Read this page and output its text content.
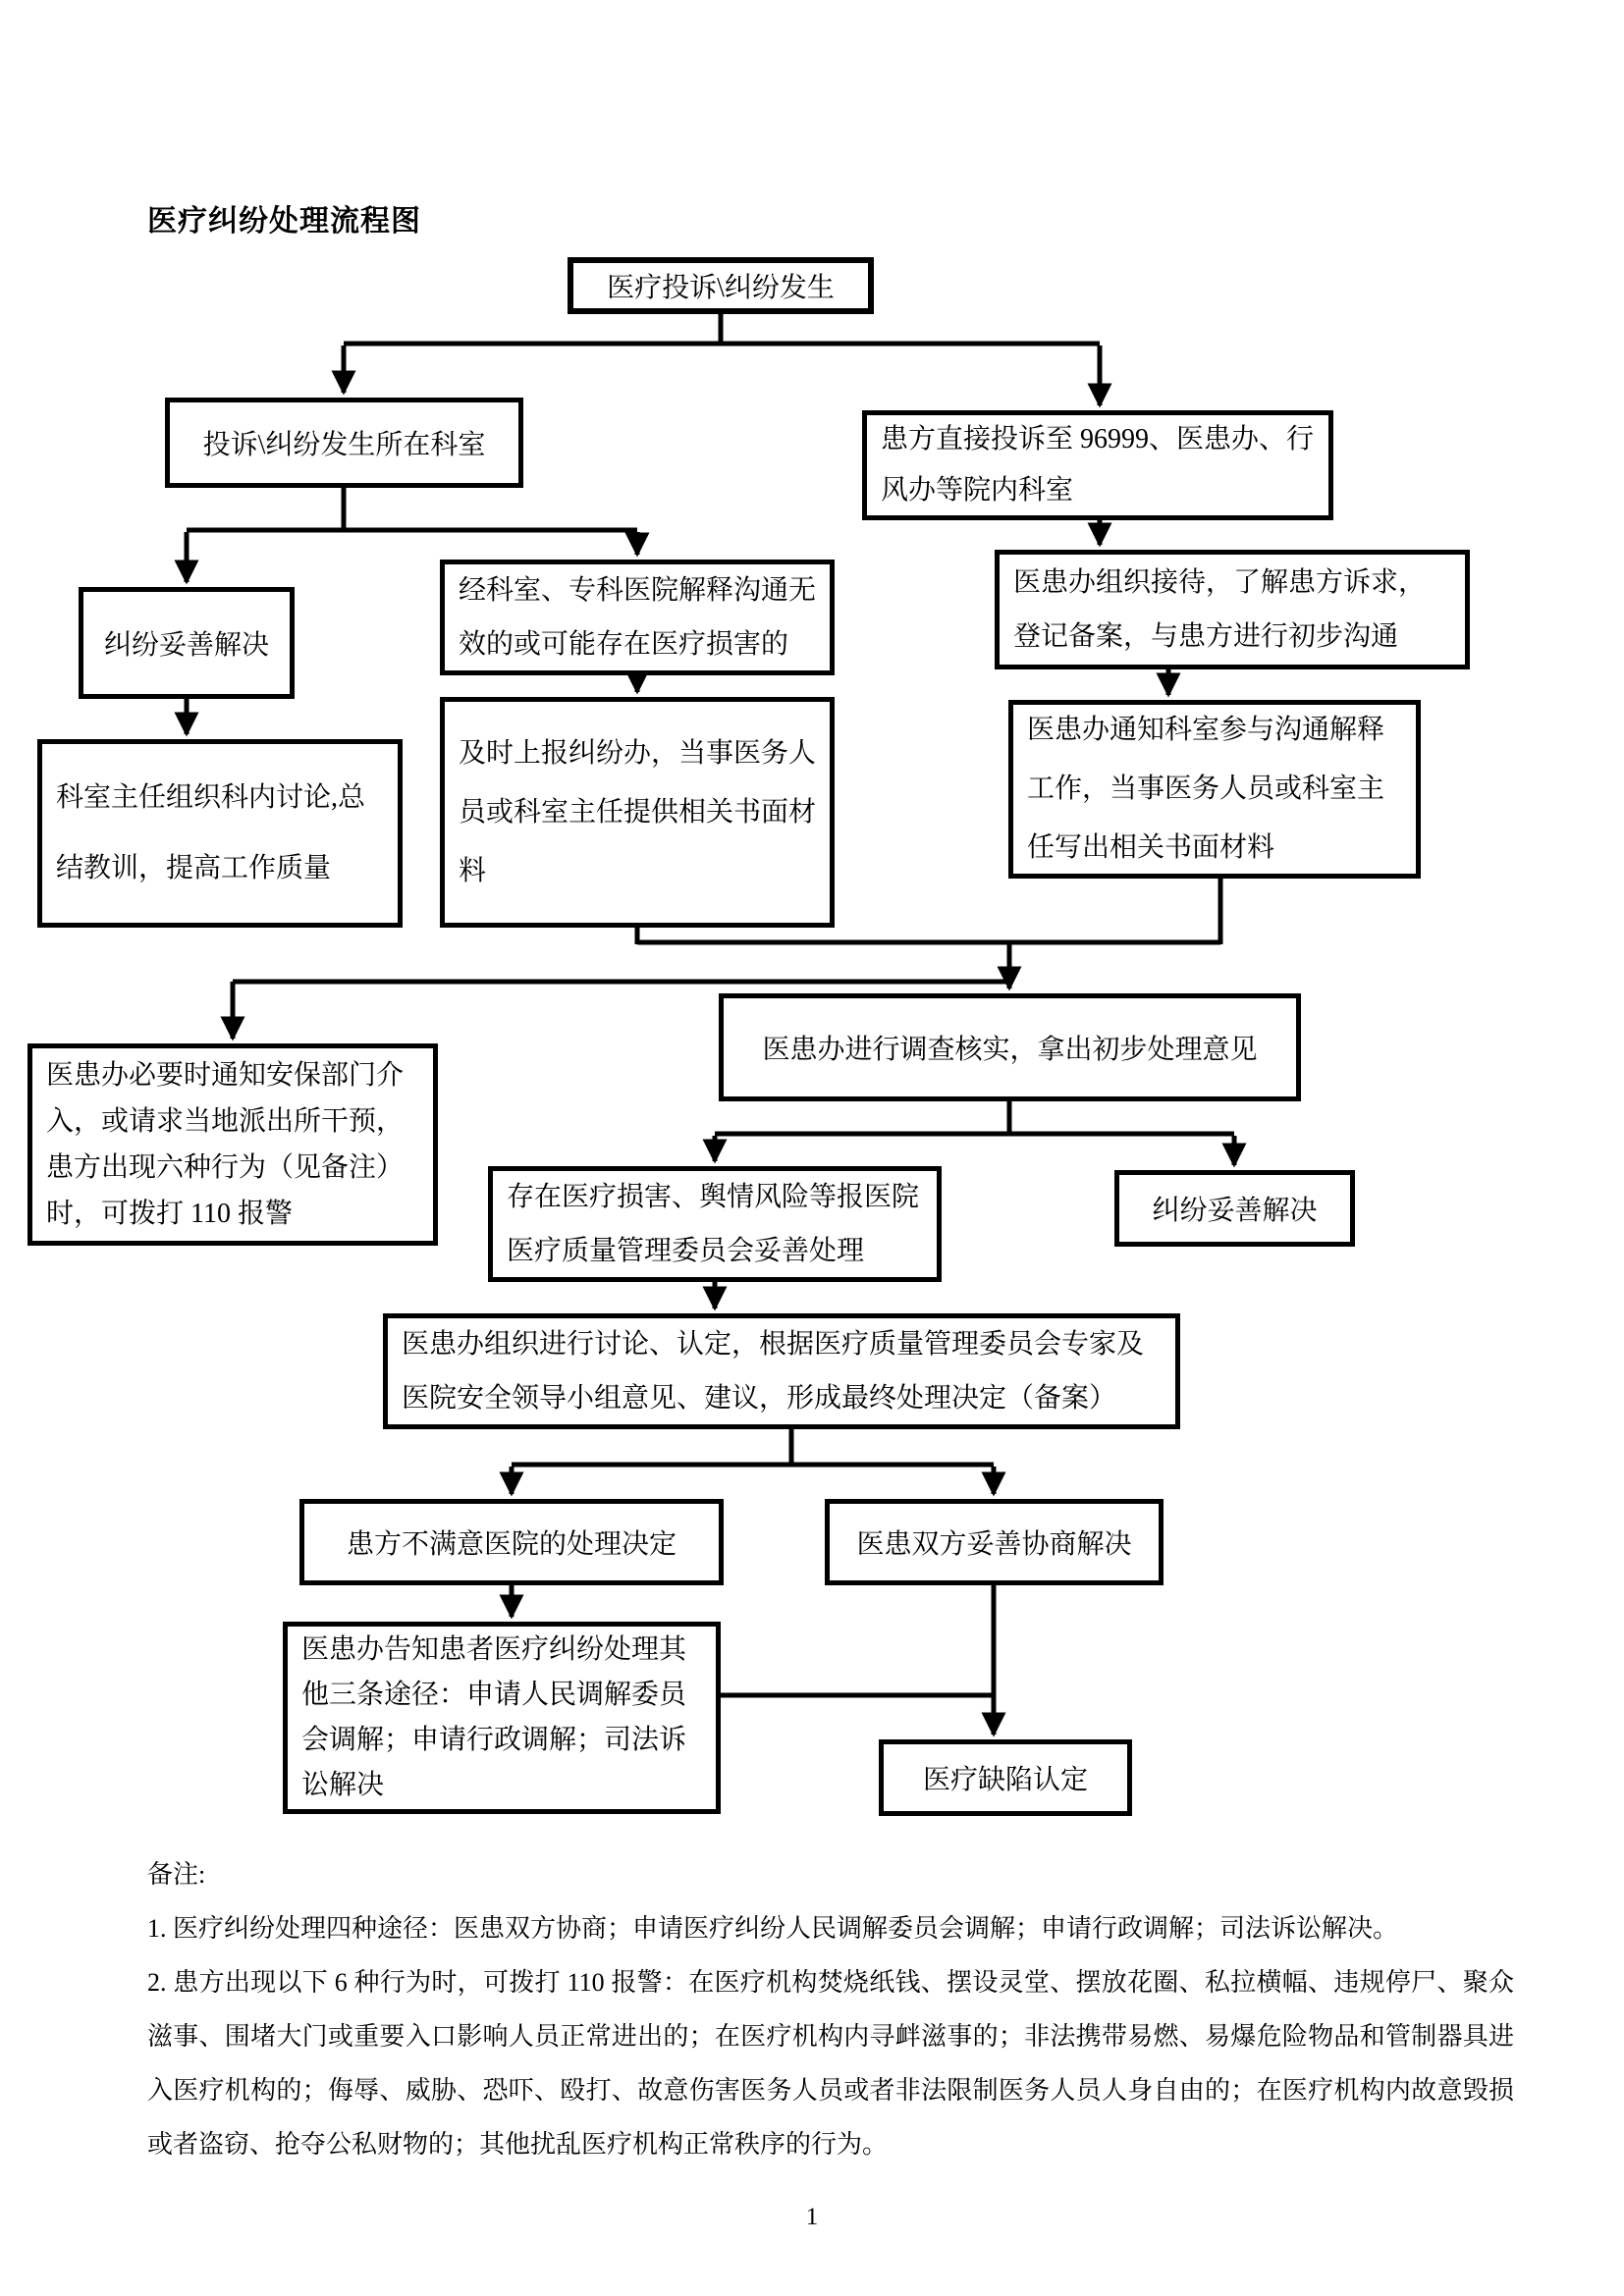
医疗纠纷处理流程图
医疗投诉\纠纷发生
投诉\纠纷发生所在科室	患方直接投诉至 96999、医患办、行风办等院内科室
纠纷妥善解决
经科室、专科医院解释沟通无效的或可能存在医疗损害的
医患办组织接待，了解患方诉求，登记备案，与患方进行初步沟通
科室主任组织科内讨论,总结教训，提高工作质量
及时上报纠纷办，当事医务人员或科室主任提供相关书面材料
医患办通知科室参与沟通解释工作，当事医务人员或科室主任写出相关书面材料
医患办进行调查核实，拿出初步处理意见
医患办必要时通知安保部门介入，或请求当地派出所干预，患方出现六种行为（见备注）时，可拨打 110 报警
存在医疗损害、舆情风险等报医院医疗质量管理委员会妥善处理
纠纷妥善解决
医患办组织进行讨论、认定，根据医疗质量管理委员会专家及医院安全领导小组意见、建议，形成最终处理决定（备案）
患方不满意医院的处理决定	医患双方妥善协商解决
医患办告知患者医疗纠纷处理其他三条途径：申请人民调解委员会调解；申请行政调解；司法诉讼解决	医疗缺陷认定
备注:

1. 医疗纠纷处理四种途径：医患双方协商；申请医疗纠纷人民调解委员会调解；申请行政调解；司法诉讼解决。

2. 患方出现以下 6 种行为时，可拨打 110 报警：在医疗机构焚烧纸钱、摆设灵堂、摆放花圈、私拉横幅、违规停尸、聚众滋事、围堵大门或重要入口影响人员正常进出的；在医疗机构内寻衅滋事的；非法携带易燃、易爆危险物品和管制器具进入医疗机构的；侮辱、威胁、恐吓、殴打、故意伤害医务人员或者非法限制医务人员人身自由的；在医疗机构内故意毁损或者盗窃、抢夺公私财物的；其他扰乱医疗机构正常秩序的行为。

1
